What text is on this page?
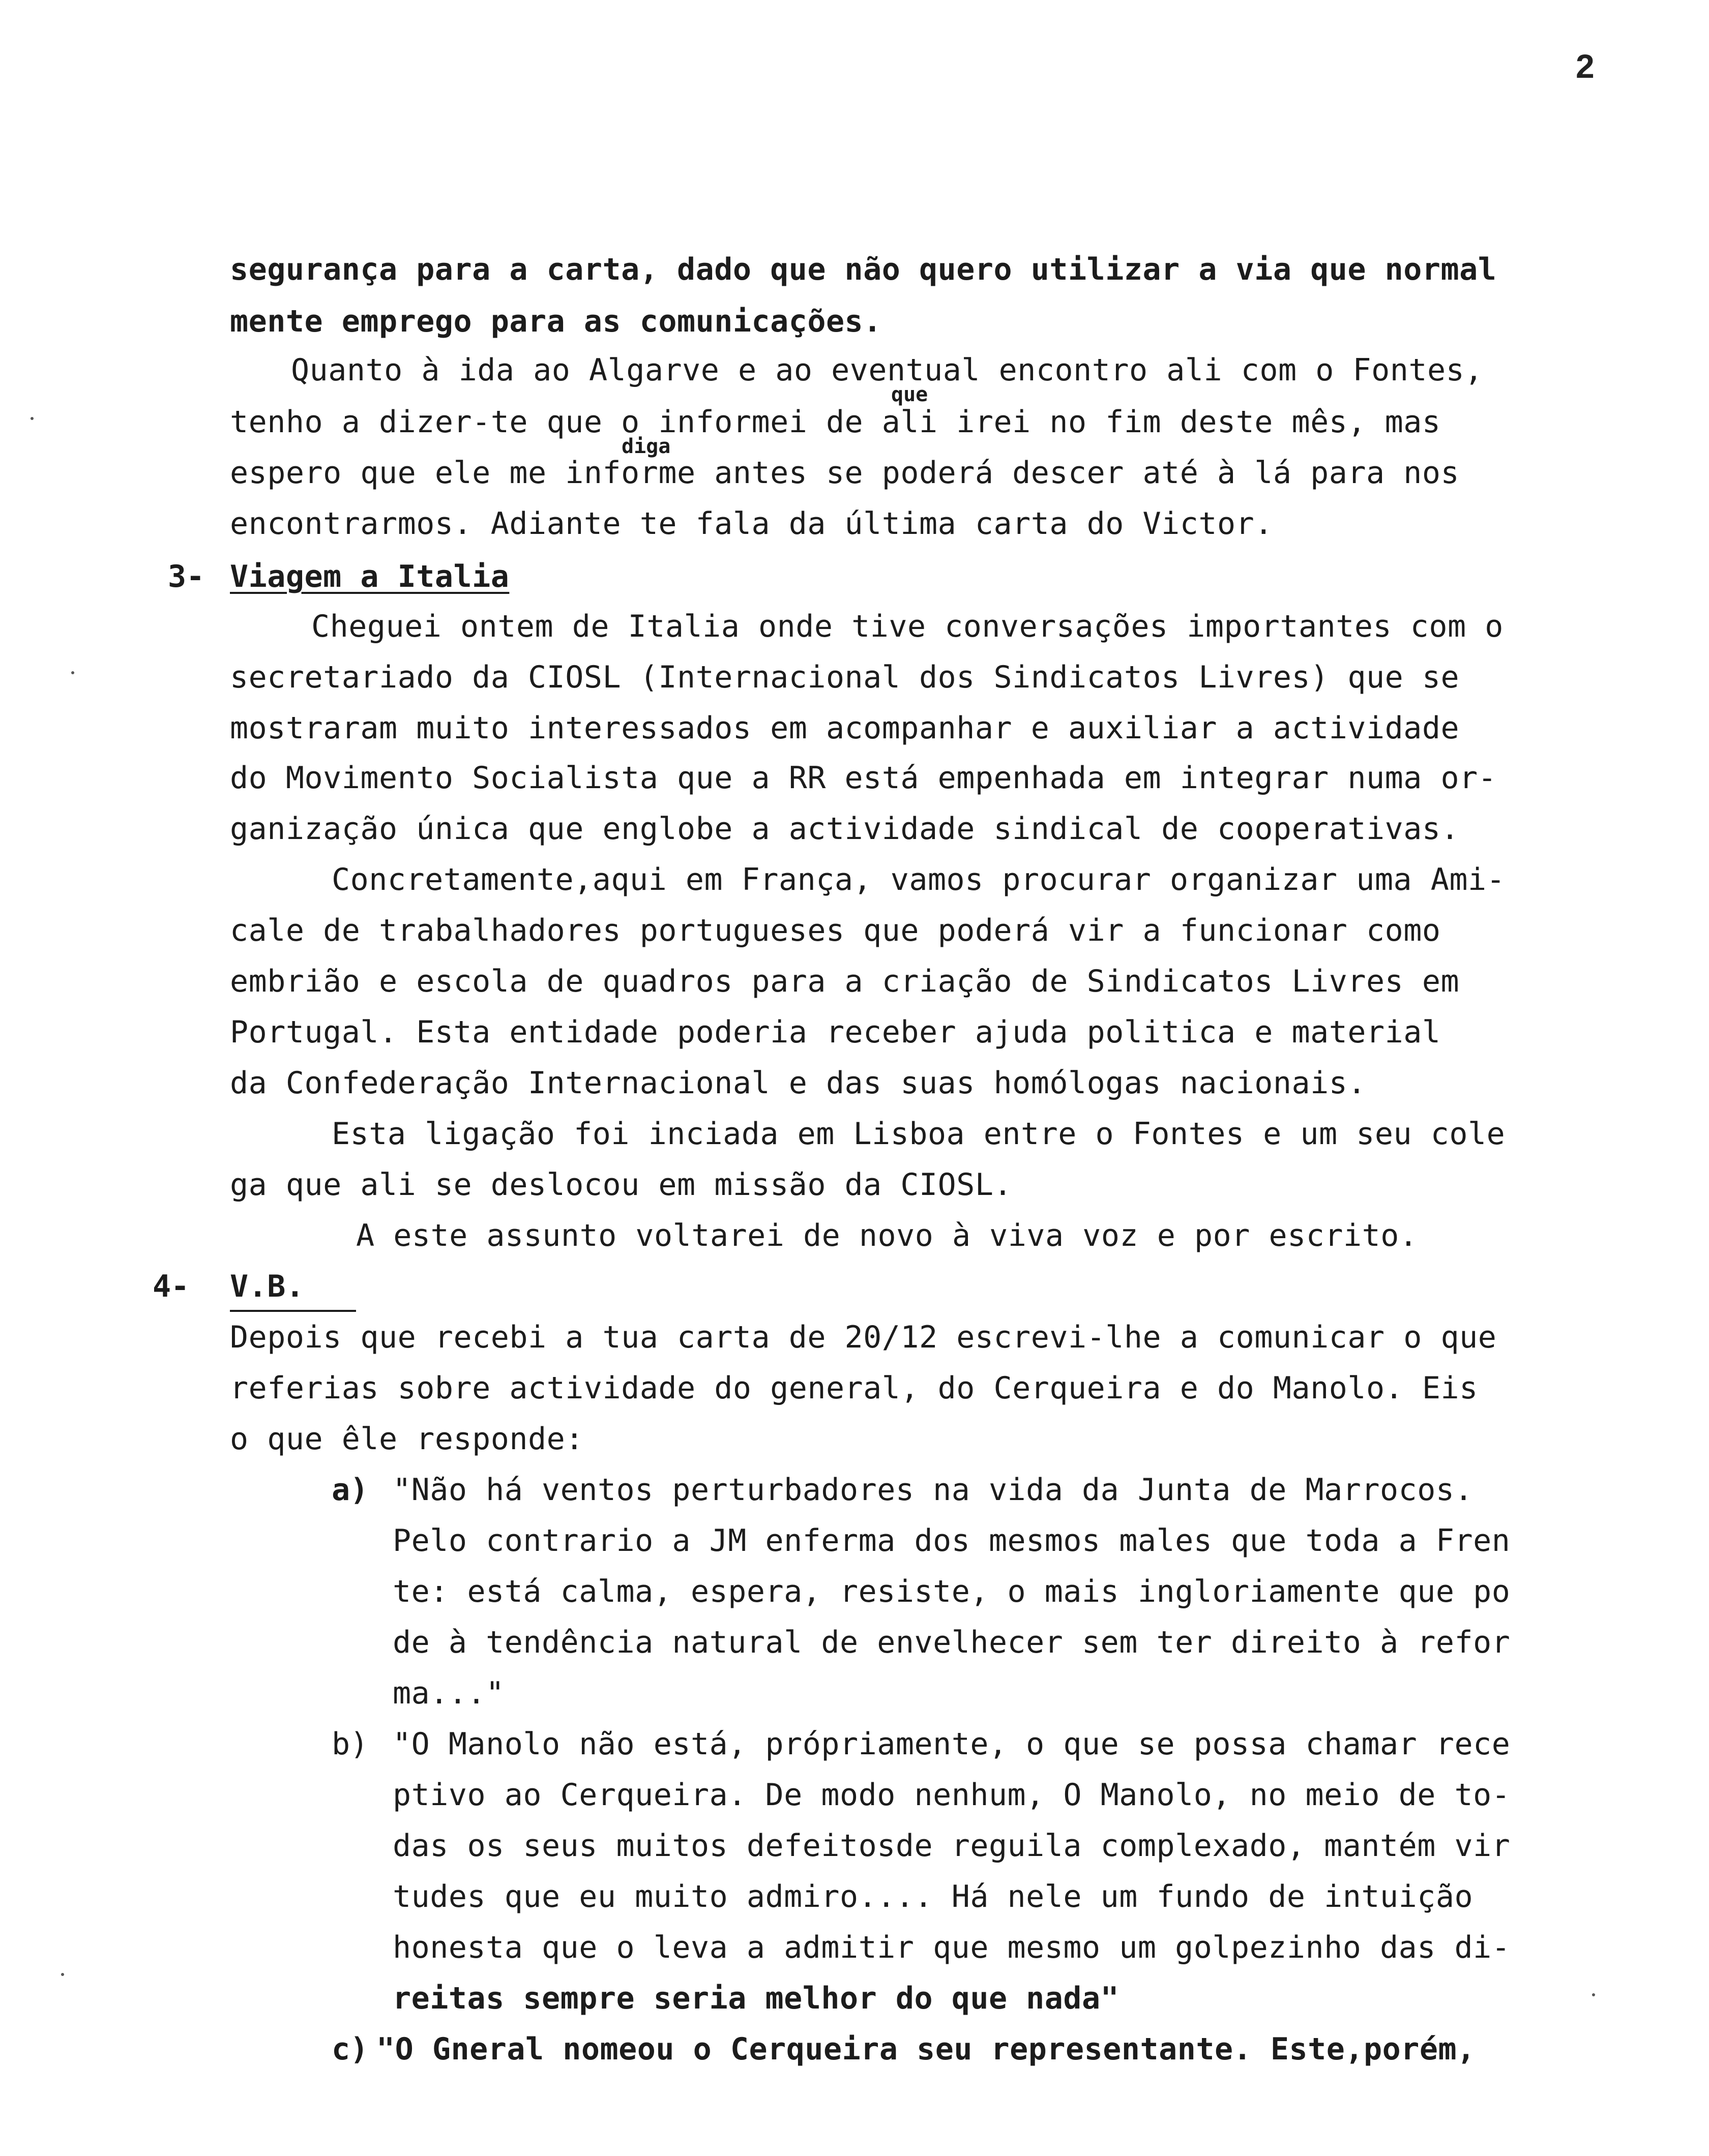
2
segurança para a carta, dado que não quero utilizar a via que normal
mente emprego para as comunicações.
Quanto à ida ao Algarve e ao eventual encontro ali com o Fontes,
que
tenho a dizer-te que o informei de ali irei no fim deste mês, mas
diga
espero que ele me informe antes se poderá descer até à lá para nos
encontrarmos. Adiante te fala da última carta do Victor.
3- Viagem a Italia
Cheguei ontem de Italia onde tive conversações importantes com o
secretariado da CIOSL (Internacional dos Sindicatos Livres) que se
mostraram muito interessados em acompanhar e auxiliar a actividade
do Movimento Socialista que a RR está empenhada em integrar numa or-
ganização única que englobe a actividade sindical de cooperativas.
Concretamente,aqui em França, vamos procurar organizar uma Ami-
cale de trabalhadores portugueses que poderá vir a funcionar como
embrião e escola de quadros para a criação de Sindicatos Livres em
Portugal. Esta entidade poderia receber ajuda politica e material
da Confederação Internacional e das suas homólogas nacionais.
Esta ligação foi inciada em Lisboa entre o Fontes e um seu cole
ga que ali se deslocou em missão da CIOSL.
A este assunto voltarei de novo à viva voz e por escrito.
4- V.B.
Depois que recebi a tua carta de 20/12 escrevi-lhe a comunicar o que
referias sobre actividade do general, do Cerqueira e do Manolo. Eis
o que êle responde:
a) "Não há ventos perturbadores na vida da Junta de Marrocos.
Pelo contrario a JM enferma dos mesmos males que toda a Fren
te: está calma, espera, resiste, o mais ingloriamente que po
de à tendência natural de envelhecer sem ter direito à refor
ma..."
b) "O Manolo não está, própriamente, o que se possa chamar rece
ptivo ao Cerqueira. De modo nenhum, O Manolo, no meio de to-
das os seus muitos defeitosde reguila complexado, mantém vir
tudes que eu muito admiro.... Há nele um fundo de intuição
honesta que o leva a admitir que mesmo um golpezinho das di-
reitas sempre seria melhor do que nada"
c) "O Gneral nomeou o Cerqueira seu representante. Este,porém,
